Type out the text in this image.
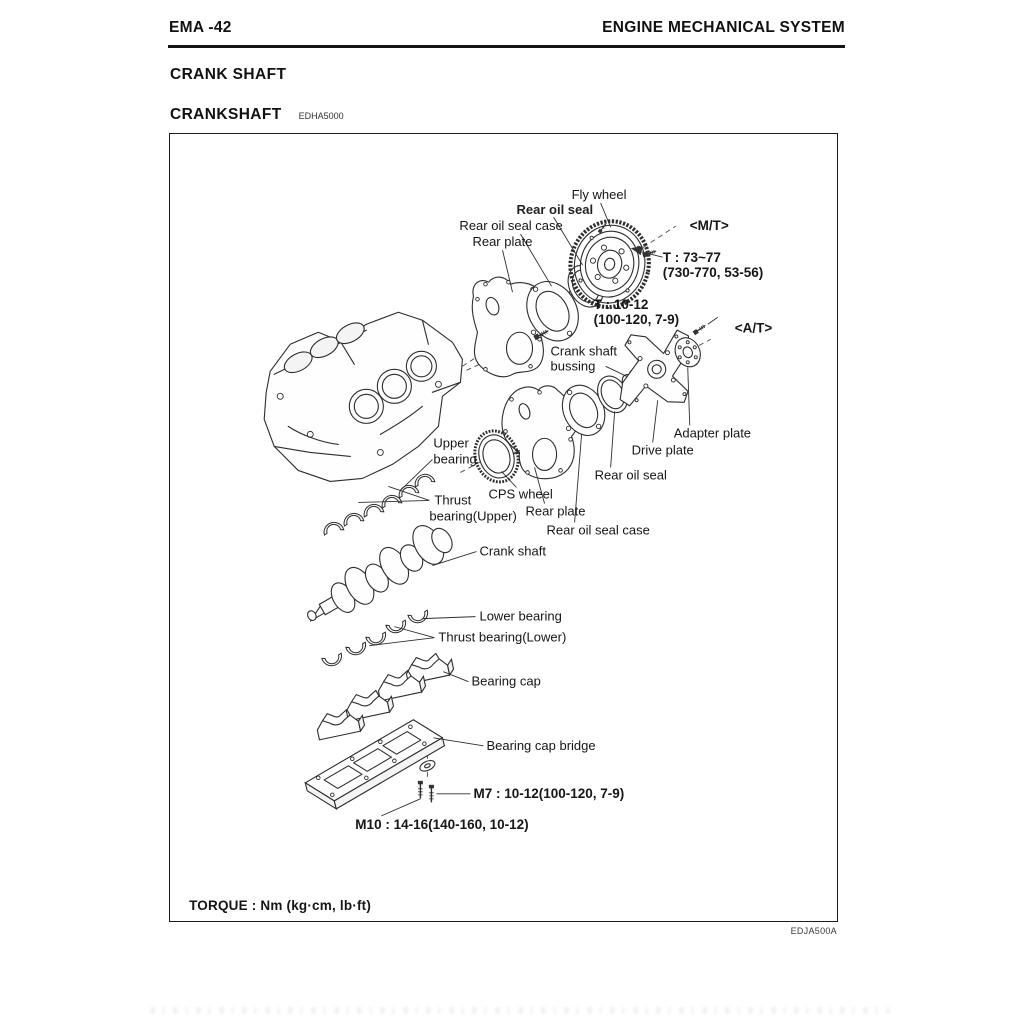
EMA -42	ENGINE MECHANICAL SYSTEM
CRANK SHAFT
CRANKSHAFT EDHA5000
Fly wheel
Rear oil seal
Rear oil seal case
Rear plate
<M/T>
T : 73~77
(730-770, 53-56)
T : 10-12
(100-120, 7-9)
<A/T>
Crank shaft
bussing
Adapter plate
Drive plate
Rear oil seal
Upper
bearing
CPS wheel
Thrust
bearing(Upper) Rear plate
Rear oil seal case
Crank shaft
Lower bearing
Thrust bearing(Lower)
Bearing cap
Bearing cap bridge
M7 : 10-12(100-120, 7-9)
M10 : 14-16(140-160, 10-12)
TORQUE : Nm (kg·cm, lb·ft)
EDJA500A
